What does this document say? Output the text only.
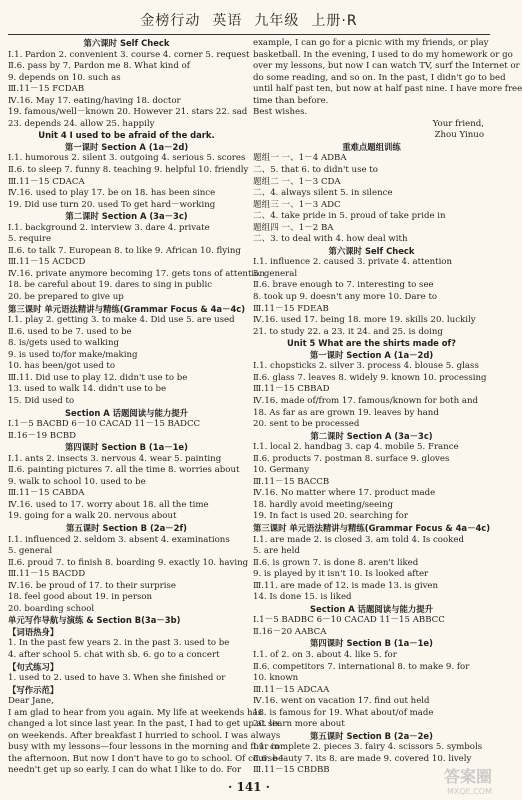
金榜行动 英语 九年级 上册·R
第六课时 Self Check
Ⅰ.1. Pardon 2. convenient 3. course 4. corner 5. request
Ⅱ.6. pass by 7. Pardon me 8. What kind of
9. depends on 10. such as
Ⅲ.11－15 FCDAB
Ⅳ.16. May 17. eating/having 18. doctor
19. famous/well－known 20. However 21. stars 22. sad
23. depends 24. allow 25. happily
Unit 4 I used to be afraid of the dark.
第一课时 Section A (1a－2d)
Ⅰ.1. humorous 2. silent 3. outgoing 4. serious 5. scores
Ⅱ.6. to sleep 7. funny 8. teaching 9. helpful 10. friendly
Ⅲ.11－15 CDACA
Ⅳ.16. used to play 17. be on 18. has been since
19. Did use turn 20. used To get hard－working
第二课时 Section A (3a－3c)
Ⅰ.1. background 2. interview 3. dare 4. private
5. require
Ⅱ.6. to talk 7. European 8. to like 9. African 10. flying
Ⅲ.11－15 ACDCD
Ⅳ.16. private anymore becoming 17. gets tons of attention
18. be careful about 19. dares to sing in public
20. be prepared to give up
第三课时 单元语法精讲与精练(Grammar Focus & 4a－4c)
Ⅰ.1. play 2. getting 3. to make 4. Did use 5. are used
Ⅱ.6. used to be 7. used to be
8. is/gets used to walking
9. is used to/for make/making
10. has been/got used to
Ⅲ.11. Did use to play 12. didn't use to be
13. used to walk 14. didn't use to be
15. Did used to
Section A 话题阅读与能力提升
Ⅰ.1－5 BACBD 6－10 CACAD 11－15 BADCC
Ⅱ.16－19 BCBD
第四课时 Section B (1a－1e)
Ⅰ.1. ants 2. insects 3. nervous 4. wear 5. painting
Ⅱ.6. painting pictures 7. all the time 8. worries about
9. walk to school 10. used to be
Ⅲ.11－15 CABDA
Ⅳ.16. used to 17. worry about 18. all the time
19. going for a walk 20. nervous about
第五课时 Section B (2a－2f)
Ⅰ.1. influenced 2. seldom 3. absent 4. examinations
5. general
Ⅱ.6. proud 7. to finish 8. boarding 9. exactly 10. having
Ⅲ.11－15 BACDD
Ⅳ.16. be proud of 17. to their surprise
18. feel good about 19. in person
20. boarding school
单元写作导航与演练 & Section B(3a－3b)
【词语热身】
1. In the past few years 2. in the past 3. used to be
4. after school 5. chat with sb. 6. go to a concert
【句式练习】
1. used to 2. used to have 3. When she finished or
【写作示范】
Dear Jane,
I am glad to hear from you again. My life at weekends has
changed a lot since last year. In the past, I had to get up at six
on weekends. After breakfast I hurried to school. I was always
busy with my lessons—four lessons in the morning and four in
the afternoon. But now I don't have to go to school. Of course I
needn't get up so early. I can do what I like to do. For
example, I can go for a picnic with my friends, or play
basketball. In the evening, I used to do my homework or go
over my lessons, but now I can watch TV, surf the Internet or
do some reading, and so on. In the past, I didn't go to bed
until half past ten, but now at half past nine. I have more free
time than before.
Best wishes.
Your friend,
Zhou Yinuo
重难点题组训练
题组一 一、1－4 ADBA
二、5. that 6. to didn't use to
题组二 一、1－3 CDA
二、4. always silent 5. in silence
题组三 一、1－3 ADC
二、4. take pride in 5. proud of take pride in
题组四 一、1－2 BA
二、3. to deal with 4. how deal with
第六课时 Self Check
Ⅰ.1. influence 2. caused 3. private 4. attention
5. general
Ⅱ.6. brave enough to 7. interesting to see
8. took up 9. doesn't any more 10. Dare to
Ⅲ.11－15 FDEAB
Ⅳ.16. used 17. being 18. more 19. skills 20. luckily
21. to study 22. a 23. it 24. and 25. is doing
Unit 5 What are the shirts made of?
第一课时 Section A (1a－2d)
Ⅰ.1. chopsticks 2. silver 3. process 4. blouse 5. glass
Ⅱ.6. glass 7. leaves 8. widely 9. known 10. processing
Ⅲ.11－15 CBBAD
Ⅳ.16. made of/from 17. famous/known for both and
18. As far as are grown 19. leaves by hand
20. sent to be processed
第二课时 Section A (3a－3c)
Ⅰ.1. local 2. handbag 3. cap 4. mobile 5. France
Ⅱ.6. products 7. postman 8. surface 9. gloves
10. Germany
Ⅲ.11－15 BACCB
Ⅳ.16. No matter where 17. product made
18. hardly avoid meeting/seeing
19. In fact is used 20. searching for
第三课时 单元语法精讲与精练(Grammar Focus & 4a－4c)
Ⅰ.1. are made 2. is closed 3. am told 4. Is cooked
5. are held
Ⅱ.6. is grown 7. is done 8. aren't liked
9. is played by it isn't 10. Is looked after
Ⅲ.11. are made of 12. is made 13. is given
14. Is done 15. is liked
Section A 话题阅读与能力提升
Ⅰ.1－5 BADBC 6－10 CACAD 11－15 ABBCC
Ⅱ.16－20 AABCA
第四课时 Section B (1a－1e)
Ⅰ.1. of 2. on 3. about 4. like 5. for
Ⅱ.6. competitors 7. international 8. to make 9. for
10. known
Ⅲ.11－15 ADCAA
Ⅳ.16. went on vacation 17. find out held
18. is famous for 19. What about/of made
20. learn more about
第五课时 Section B (2a－2e)
Ⅰ.1. complete 2. pieces 3. fairy 4. scissors 5. symbols
Ⅱ.6. beauty 7. its 8. are made 9. covered 10. lively
Ⅲ.11－15 CBDBB
· 141 ·
答案圈
MXQE.COM
